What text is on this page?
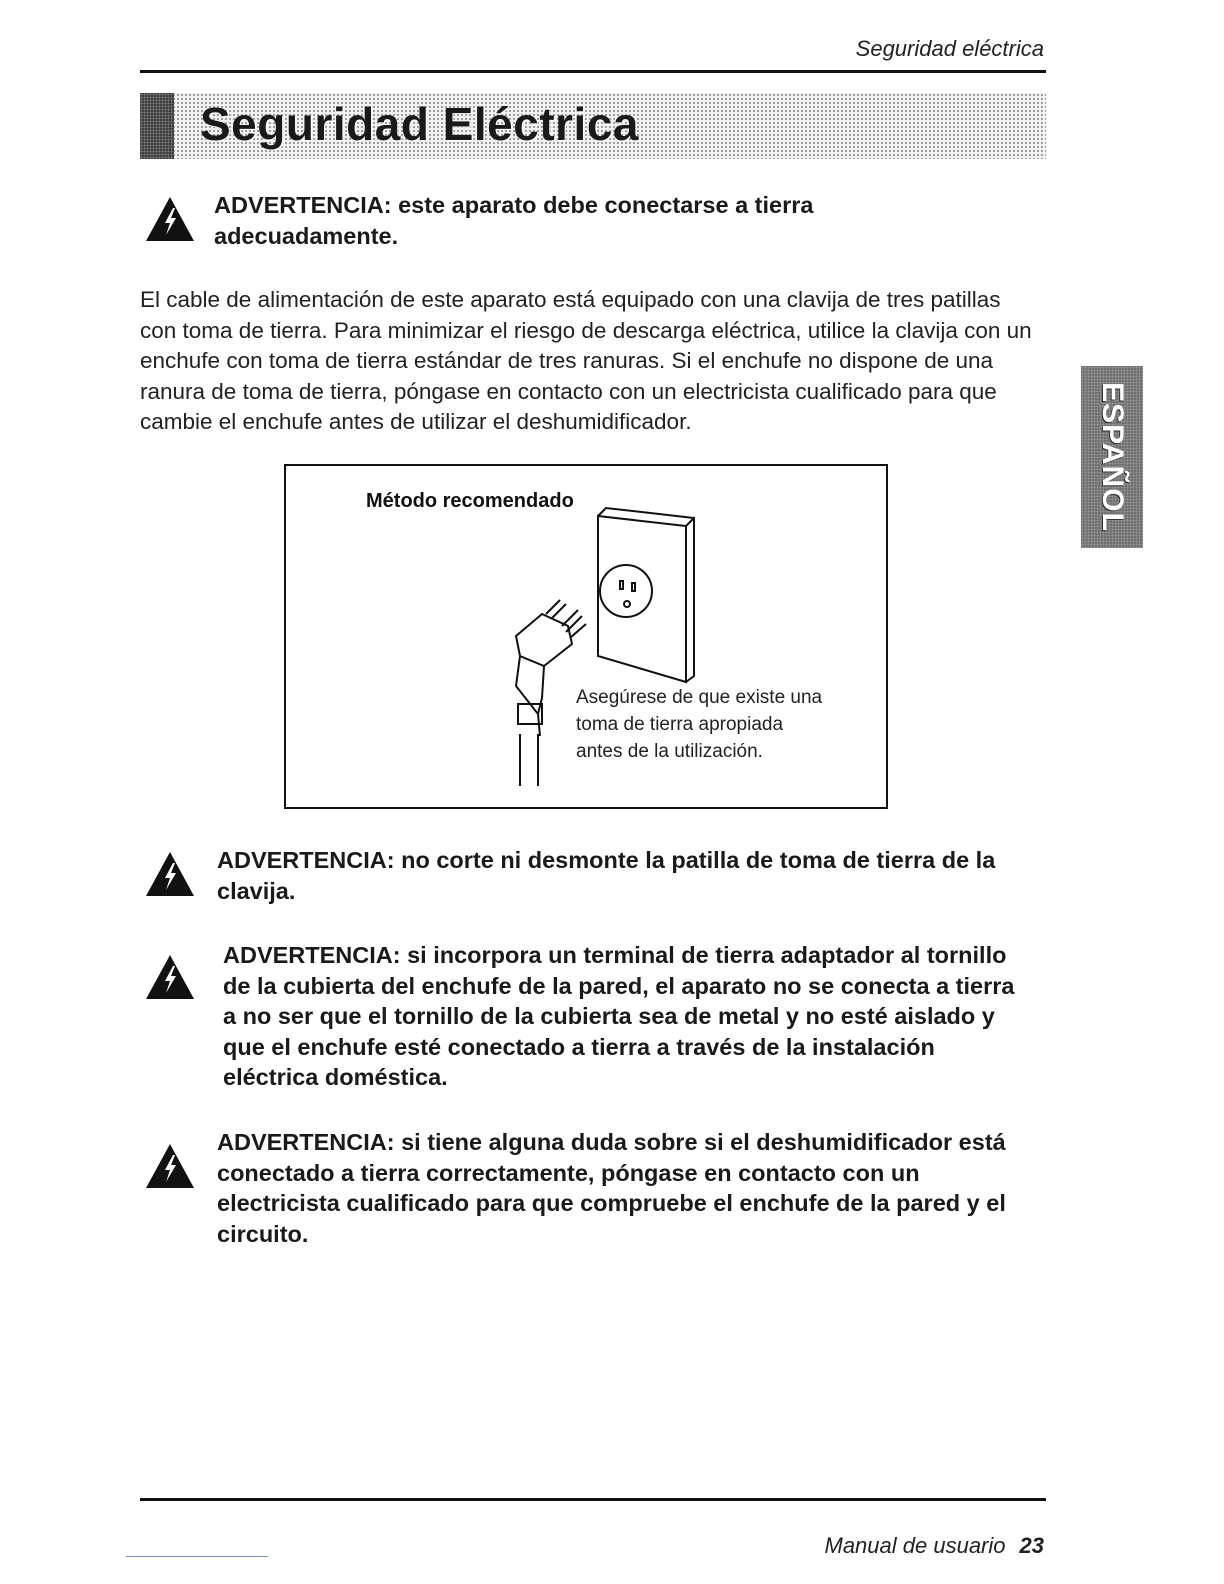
Seguridad eléctrica
Seguridad Eléctrica
ESPAÑOL
ADVERTENCIA: este aparato debe conectarse a tierra adecuadamente.
El cable de alimentación de este aparato está equipado con una clavija de tres patillas con toma de tierra. Para minimizar el riesgo de descarga eléctrica, utilice la clavija con un enchufe con toma de tierra estándar de tres ranuras. Si el enchufe no dispone de una ranura de toma de tierra, póngase en contacto con un electricista cualificado para que cambie el enchufe antes de utilizar el deshumidificador.
Método recomendado
Asegúrese de que existe una
toma de tierra apropiada
antes de la utilización.
ADVERTENCIA: no corte ni desmonte la patilla de toma de tierra de la clavija.
ADVERTENCIA: si incorpora un terminal de tierra adaptador al tornillo de la cubierta del enchufe de la pared, el aparato no se conecta a tierra a no ser que el tornillo de la cubierta sea de metal y no esté aislado y que el enchufe esté conectado a tierra a través de la instalación eléctrica doméstica.
ADVERTENCIA: si tiene alguna duda sobre si el deshumidificador está conectado a tierra correctamente, póngase en contacto con un electricista cualificado para que compruebe el enchufe de la pared y el circuito.
Manual de usuario 23
